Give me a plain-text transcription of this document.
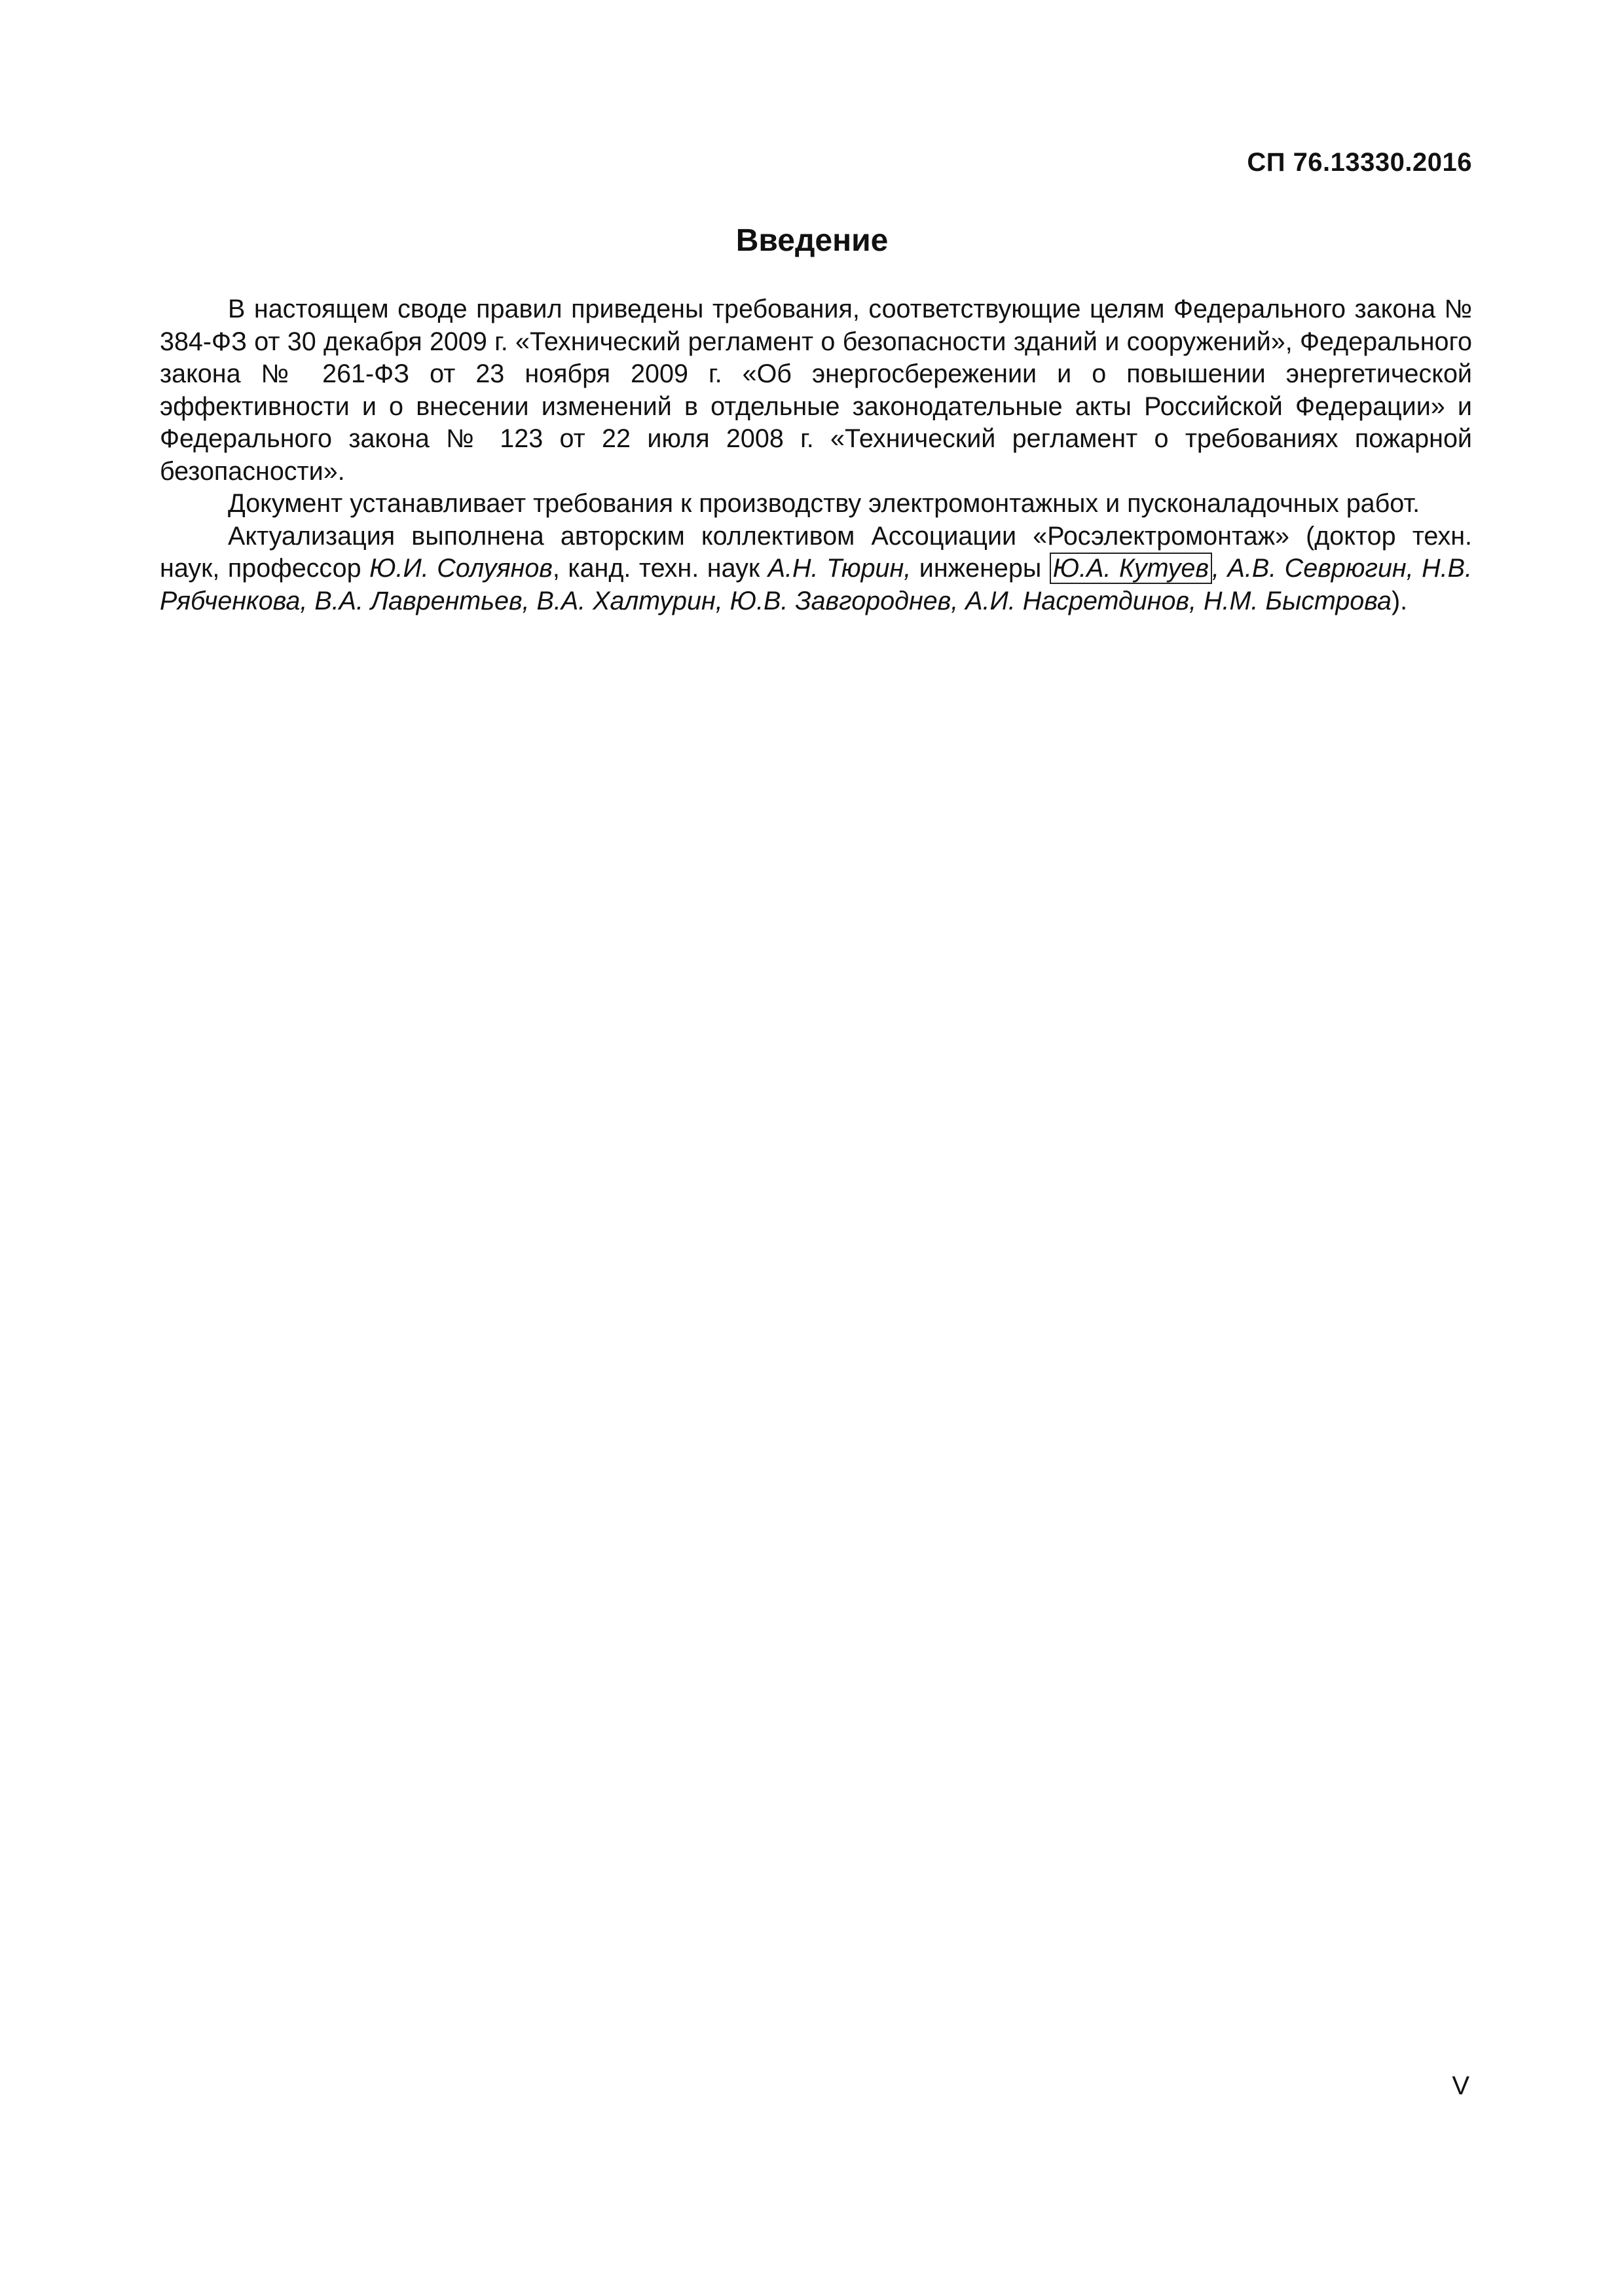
СП 76.13330.2016
Введение

В настоящем своде правил приведены требования, соответствующие целям Федерального закона № 384-ФЗ от 30 декабря 2009 г. «Технический регламент о безопасности зданий и сооружений», Федерального закона № 261-ФЗ от 23 ноября 2009 г. «Об энергосбережении и о повышении энергетической эффективности и о внесении изменений в отдельные законодательные акты Российской Федерации» и Федерального закона № 123 от 22 июля 2008 г. «Технический регламент о требованиях пожарной безопасности».

Документ устанавливает требования к производству электромонтажных и пусконаладочных работ.

Актуализация выполнена авторским коллективом Ассоциации «Росэлектромонтаж» (доктор техн. наук, профессор Ю.И. Солуянов, канд. техн. наук А.Н. Тюрин, инженеры Ю.А. Кутуев , А.В. Севрюгин, Н.В. Рябченкова, В.А. Лаврентьев, В.А. Халтурин, Ю.В. Завгороднев, А.И. Насретдинов, Н.М. Быстрова).

V
